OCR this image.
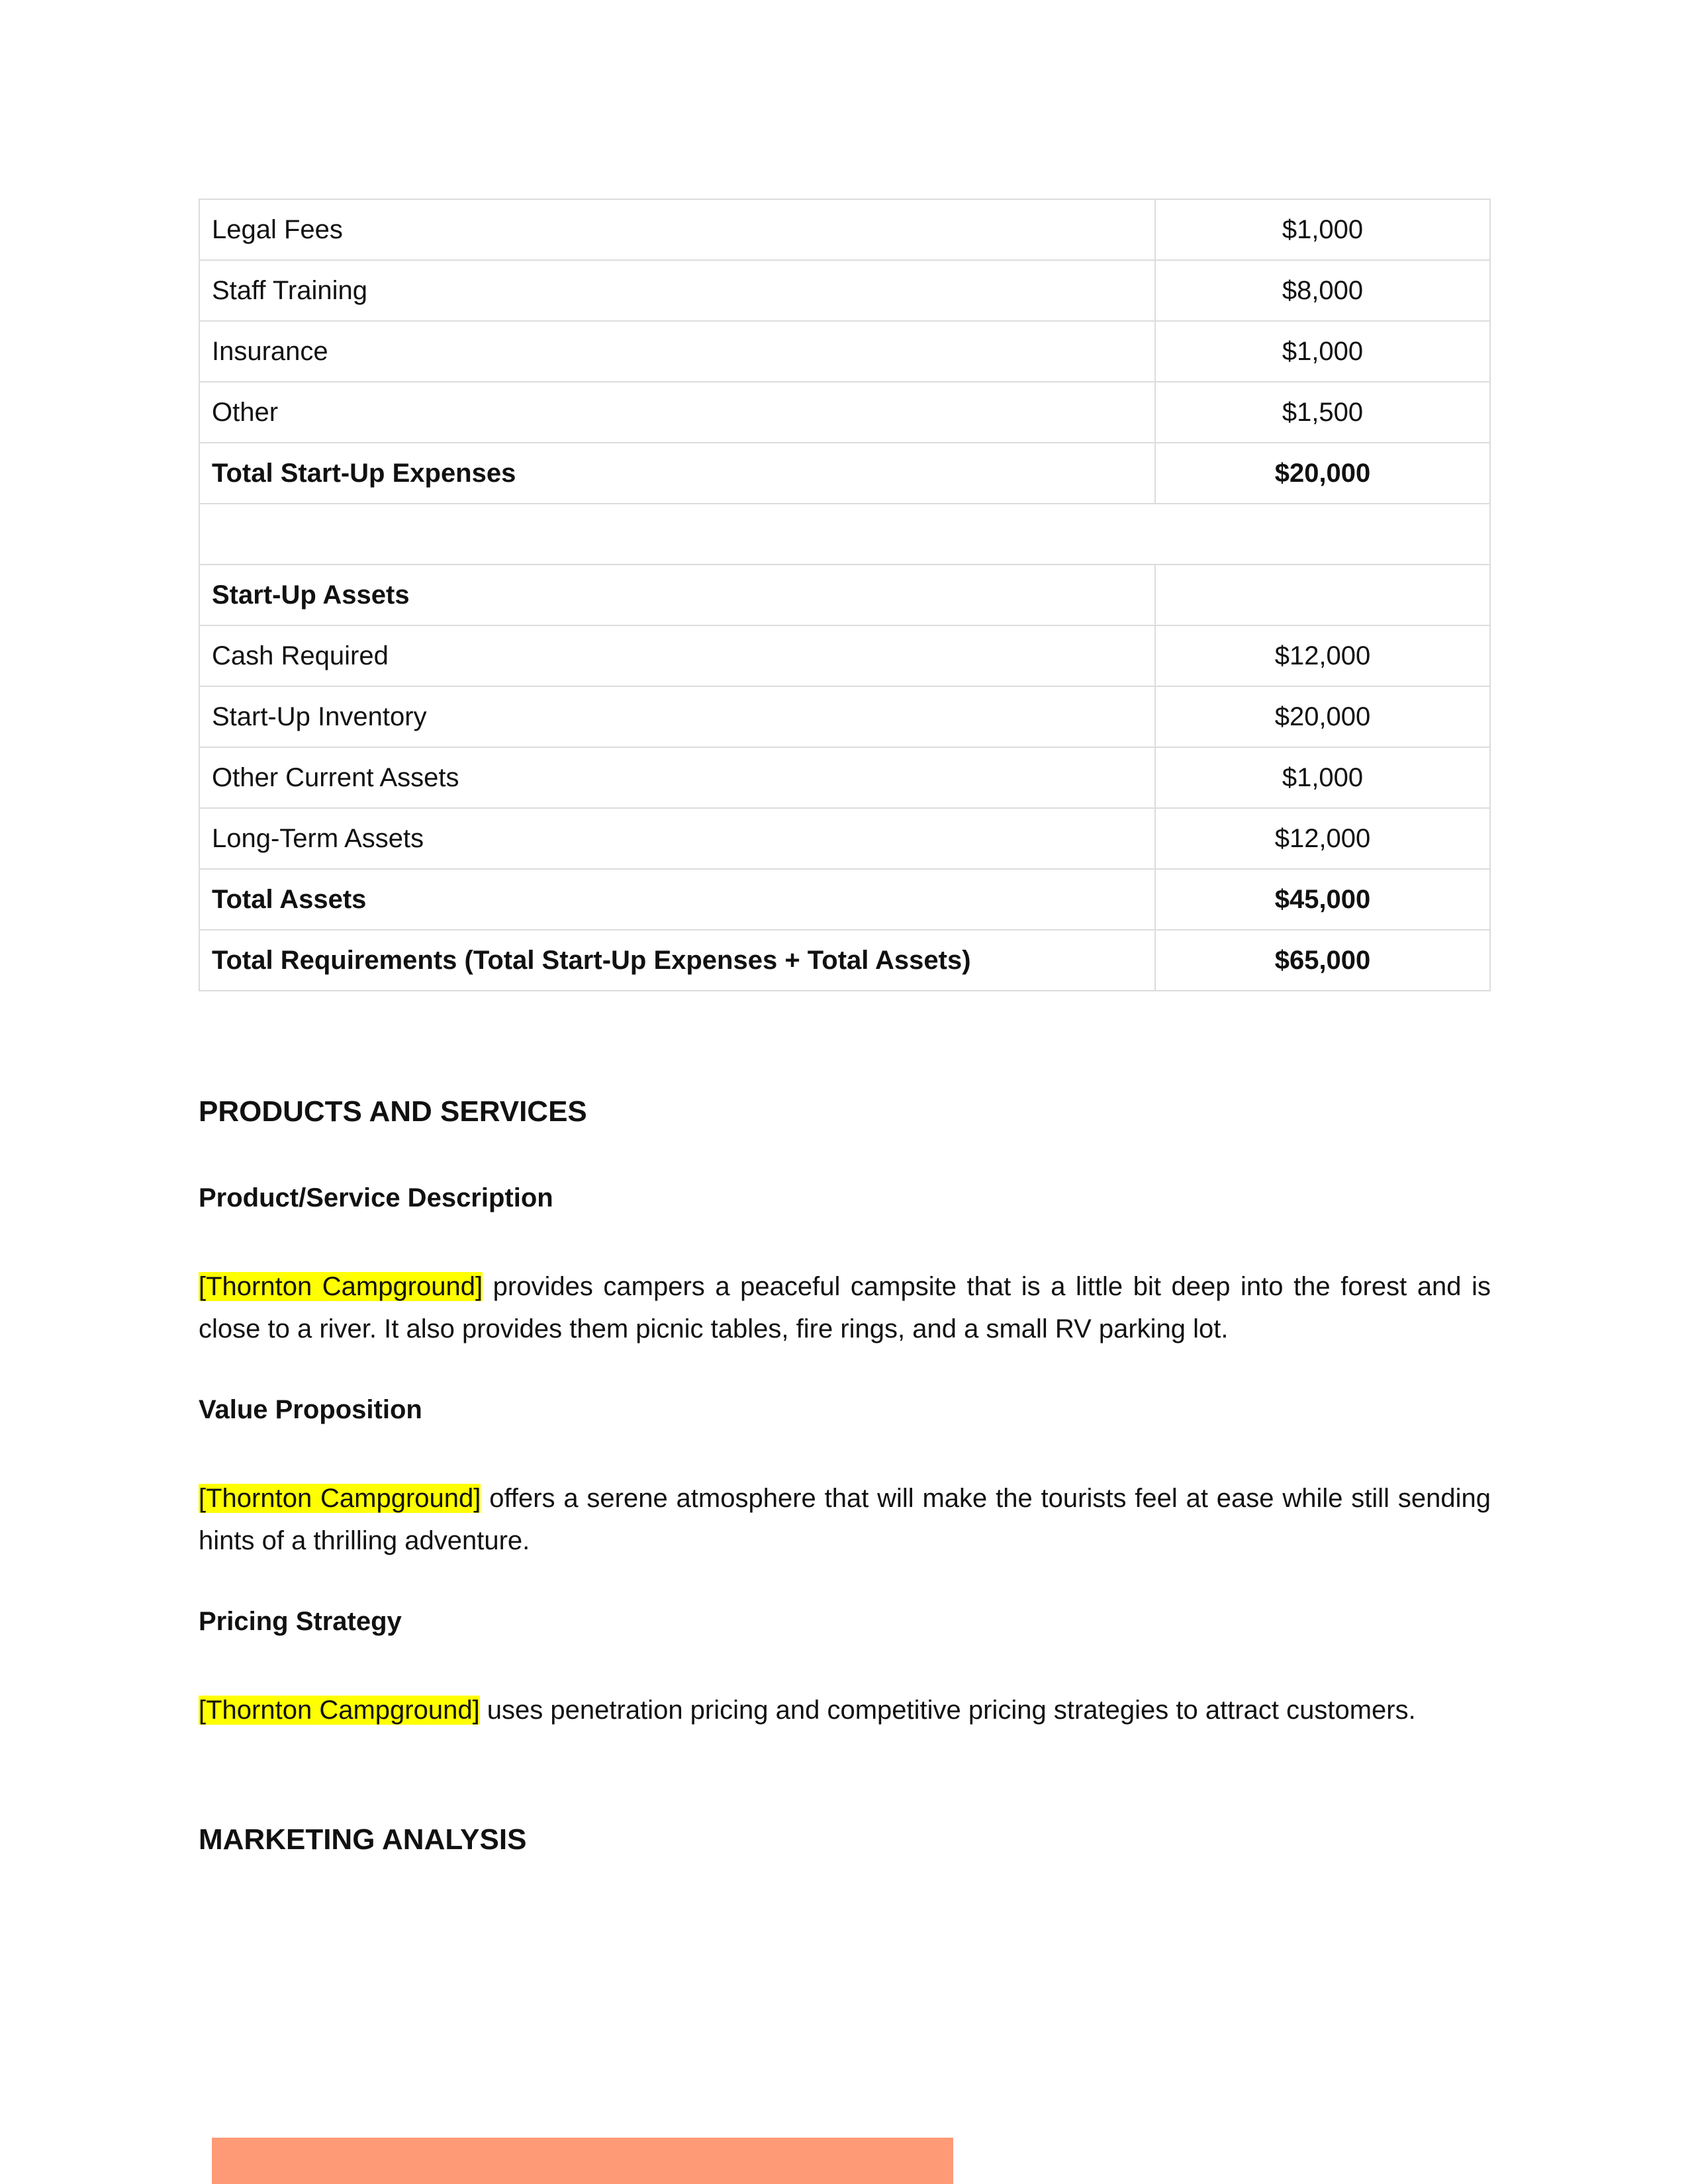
Legal Fees	$1,000
Staff Training	$8,000
Insurance	$1,000
Other	$1,500
Total Start-Up Expenses	$20,000

Start-Up Assets	
Cash Required	$12,000
Start-Up Inventory	$20,000
Other Current Assets	$1,000
Long-Term Assets	$12,000
Total Assets	$45,000
Total Requirements (Total Start-Up Expenses + Total Assets)	$65,000
PRODUCTS AND SERVICES
Product/Service Description

[Thornton Campground] provides campers a peaceful campsite that is a little bit deep into the forest and is close to a river. It also provides them picnic tables, fire rings, and a small RV parking lot.

Value Proposition

[Thornton Campground] offers a serene atmosphere that will make the tourists feel at ease while still sending hints of a thrilling adventure.

Pricing Strategy

[Thornton Campground] uses penetration pricing and competitive pricing strategies to attract customers.

MARKETING ANALYSIS
